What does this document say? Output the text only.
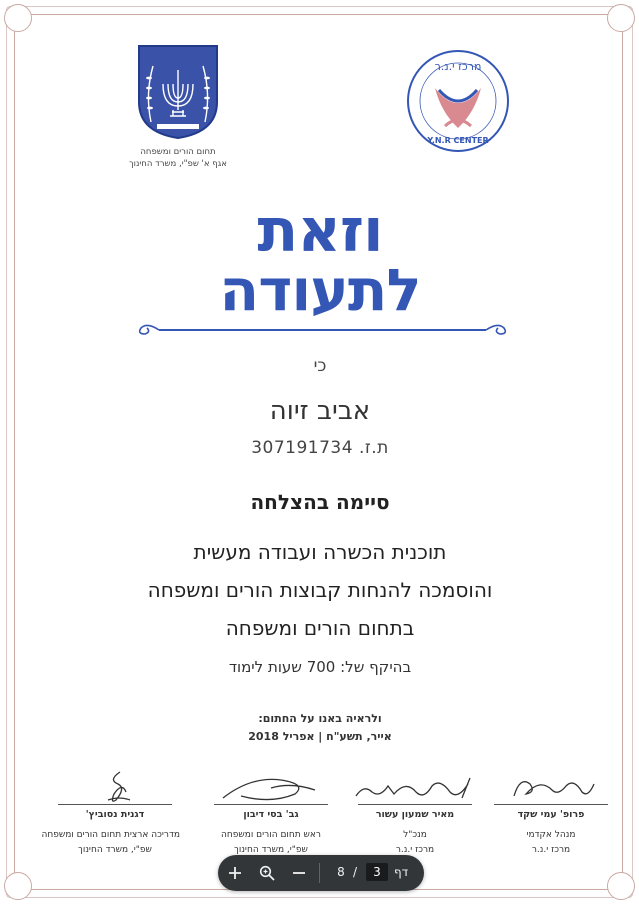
תחום הורים ומשפחה
אגף א' שפ"י, משרד החינוך
מרכז י.נ.ר
Y.N.R CENTER
וזאת
לתעודה
כי
אביב זיוה
ת.ז. 307191734
סיימה בהצלחה
תוכנית הכשרה ועבודה מעשית
והוסמכה להנחות קבוצות הורים ומשפחה
בתחום הורים ומשפחה
בהיקף של: 700 שעות לימוד
ולראיה באנו על החתום:
אייר, תשע"ח | אפריל 2018
פרופ' עמי שקד
מנהל אקדמי
מרכז י.נ.ר
מאיר שמעון עשור
מנכ"ל
מרכז י.נ.ר
גב' בסי דיבון
ראש תחום הורים ומשפחה
שפ"י, משרד החינוך
דגנית נסוביץ'
מדריכה ארצית תחום הורים ומשפחה
שפ"י, משרד החינוך
8 /
3	דף
